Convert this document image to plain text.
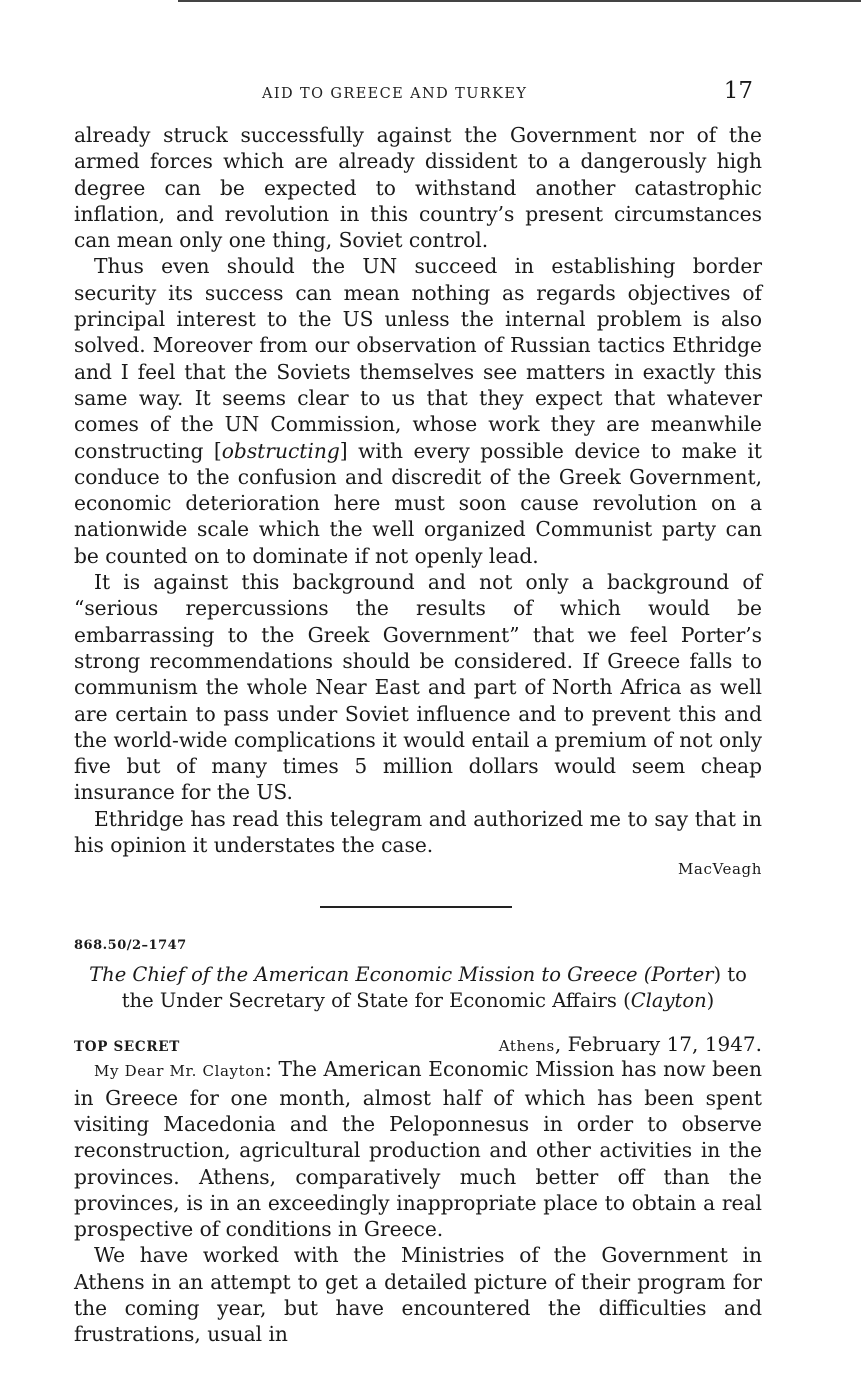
AID TO GREECE AND TURKEY	17

already struck successfully against the Government nor of the armed forces which are already dissident to a dangerously high degree can be expected to withstand another catastrophic inflation, and revolution in this country’s present circumstances can mean only one thing, Soviet control.

Thus even should the UN succeed in establishing border security its success can mean nothing as regards objectives of principal interest to the US unless the internal problem is also solved. Moreover from our observation of Russian tactics Ethridge and I feel that the Soviets themselves see matters in exactly this same way. It seems clear to us that they expect that whatever comes of the UN Commission, whose work they are meanwhile constructing [obstructing] with every possible device to make it conduce to the confusion and discredit of the Greek Government, economic deterioration here must soon cause revolution on a nationwide scale which the well organized Communist party can be counted on to dominate if not openly lead.

It is against this background and not only a background of “serious repercussions the results of which would be embarrassing to the Greek Government” that we feel Porter’s strong recommendations should be considered. If Greece falls to communism the whole Near East and part of North Africa as well are certain to pass under Soviet influence and to prevent this and the world-wide complications it would entail a premium of not only five but of many times 5 million dollars would seem cheap insurance for the US.

Ethridge has read this telegram and authorized me to say that in his opinion it understates the case.

MacVeagh
868.50/2–1747
The Chief of the American Economic Mission to Greece (Porter) to the Under Secretary of State for Economic Affairs (Clayton)
TOP SECRET	Athens, February 17, 1947.

My Dear Mr. Clayton: The American Economic Mission has now been in Greece for one month, almost half of which has been spent visiting Macedonia and the Peloponnesus in order to observe reconstruction, agricultural production and other activities in the provinces. Athens, comparatively much better off than the provinces, is in an exceedingly inappropriate place to obtain a real prospective of conditions in Greece.

We have worked with the Ministries of the Government in Athens in an attempt to get a detailed picture of their program for the coming year, but have encountered the difficulties and frustrations, usual in
